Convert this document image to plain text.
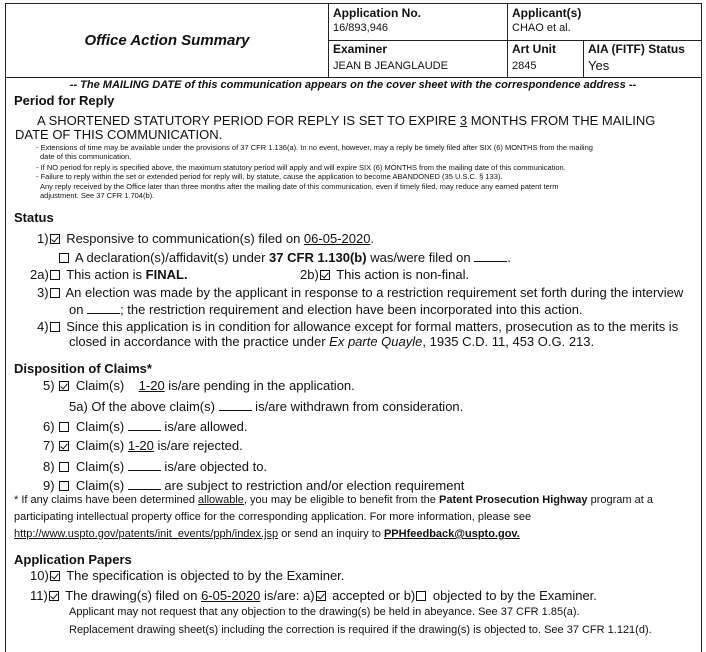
Office Action Summary
Application No.
16/893,946
Applicant(s)
CHAO et al.
Examiner
JEAN B JEANGLAUDE
Art Unit
2845
AIA (FITF) Status
Yes
-- The MAILING DATE of this communication appears on the cover sheet with the correspondence address --
Period for Reply
A SHORTENED STATUTORY PERIOD FOR REPLY IS SET TO EXPIRE 3 MONTHS FROM THE MAILING
DATE OF THIS COMMUNICATION.
- Extensions of time may be available under the provisions of 37 CFR 1.136(a). In no event, however, may a reply be timely filed after SIX (6) MONTHS from the mailing
date of this communication.
- If NO period for reply is specified above, the maximum statutory period will apply and will expire SIX (6) MONTHS from the mailing date of this communication.
- Failure to reply within the set or extended period for reply will, by statute, cause the application to become ABANDONED (35 U.S.C. § 133).
Any reply received by the Office later than three months after the mailing date of this communication, even if timely filed, may reduce any earned patent term
adjustment. See 37 CFR 1.704(b).
Status
1) Responsive to communication(s) filed on 06-05-2020.
A declaration(s)/affidavit(s) under 37 CFR 1.130(b) was/were filed on	.
2a) This action is FINAL.	2b) This action is non-final.
3) An election was made by the applicant in response to a restriction requirement set forth during the interview
on	; the restriction requirement and election have been incorporated into this action.
4) Since this application is in condition for allowance except for formal matters, prosecution as to the merits is
closed in accordance with the practice under Ex parte Quayle, 1935 C.D. 11, 453 O.G. 213.
Disposition of Claims*
5) Claim(s) 1-20 is/are pending in the application.
5a) Of the above claim(s)	is/are withdrawn from consideration.
6) Claim(s)	is/are allowed.
7) Claim(s) 1-20 is/are rejected.
8) Claim(s)	is/are objected to.
9) Claim(s)	are subject to restriction and/or election requirement
* If any claims have been determined allowable, you may be eligible to benefit from the Patent Prosecution Highway program at a
participating intellectual property office for the corresponding application. For more information, please see
http://www.uspto.gov/patents/init_events/pph/index.jsp or send an inquiry to PPHfeedback@uspto.gov.
Application Papers
10) The specification is objected to by the Examiner.
11) The drawing(s) filed on 6-05-2020 is/are: a) accepted or b) objected to by the Examiner.
Applicant may not request that any objection to the drawing(s) be held in abeyance. See 37 CFR 1.85(a).
Replacement drawing sheet(s) including the correction is required if the drawing(s) is objected to. See 37 CFR 1.121(d).
